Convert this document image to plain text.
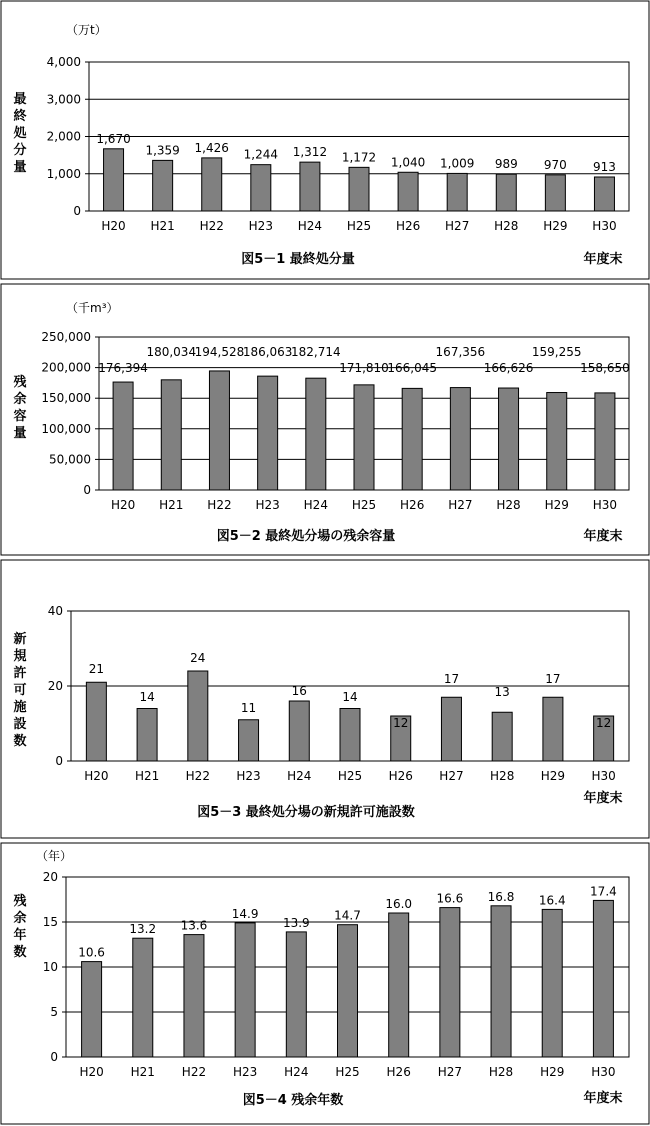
0
1,000
2,000
3,000
4,000
H20
1,670
H21
1,359
H22
1,426
H23
1,244
H24
1,312
H25
1,172
H26
1,040
H27
1,009
H28
989
H29
970
H30
913
（万t）
最終処分量
図5－1 最終処分量	年度末
0
50,000
100,000
150,000
200,000
250,000
H20
176,394
H21
180,034
H22
194,528
H23
186,063
H24
182,714
H25
171,810
H26
166,045
H27
167,356
H28
166,626
H29
159,255
H30
158,650
（千m³）
残余容量
図5－2 最終処分場の残余容量	年度末
0
20
40
H20
21
H21
14
H22
24
H23
11
H24
16
H25
14
H26
12
H27
17
H28
13
H29
17
H30
12
新規許可施設数
図5－3 最終処分場の新規許可施設数
年度末
0
5
10
15
20
H20
10.6
H21
13.2
H22
13.6
H23
14.9
H24
13.9
H25
14.7
H26
16.0
H27
16.6
H28
16.8
H29
16.4
H30
17.4
（年）
残余年数
図5－4 残余年数	年度末
